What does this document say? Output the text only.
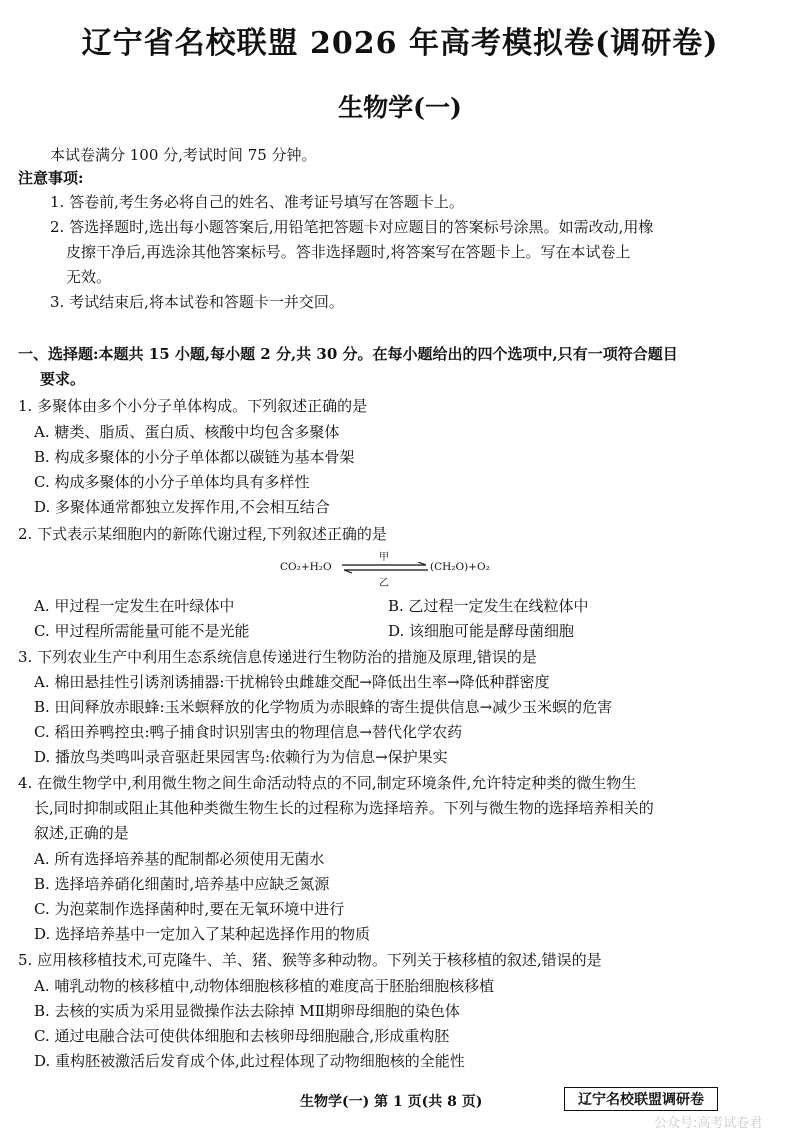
辽宁省名校联盟 2026 年高考模拟卷(调研卷)
生物学(一)
本试卷满分 100 分,考试时间 75 分钟。
注意事项:
1. 答卷前,考生务必将自己的姓名、准考证号填写在答题卡上。
2. 答选择题时,选出每小题答案后,用铅笔把答题卡对应题目的答案标号涂黑。如需改动,用橡
皮擦干净后,再选涂其他答案标号。答非选择题时,将答案写在答题卡上。写在本试卷上
无效。
3. 考试结束后,将本试卷和答题卡一并交回。
一、选择题:本题共 15 小题,每小题 2 分,共 30 分。在每小题给出的四个选项中,只有一项符合题目
要求。
1. 多聚体由多个小分子单体构成。下列叙述正确的是
A. 糖类、脂质、蛋白质、核酸中均包含多聚体
B. 构成多聚体的小分子单体都以碳链为基本骨架
C. 构成多聚体的小分子单体均具有多样性
D. 多聚体通常都独立发挥作用,不会相互结合
2. 下式表示某细胞内的新陈代谢过程,下列叙述正确的是
CO₂+H₂O
甲
乙
(CH₂O)+O₂
A. 甲过程一定发生在叶绿体中	B. 乙过程一定发生在线粒体中
C. 甲过程所需能量可能不是光能	D. 该细胞可能是酵母菌细胞
3. 下列农业生产中利用生态系统信息传递进行生物防治的措施及原理,错误的是
A. 棉田悬挂性引诱剂诱捕器:干扰棉铃虫雌雄交配→降低出生率→降低种群密度
B. 田间释放赤眼蜂:玉米螟释放的化学物质为赤眼蜂的寄生提供信息→减少玉米螟的危害
C. 稻田养鸭控虫:鸭子捕食时识别害虫的物理信息→替代化学农药
D. 播放鸟类鸣叫录音驱赶果园害鸟:依赖行为为信息→保护果实
4. 在微生物学中,利用微生物之间生命活动特点的不同,制定环境条件,允许特定种类的微生物生
长,同时抑制或阻止其他种类微生物生长的过程称为选择培养。下列与微生物的选择培养相关的
叙述,正确的是
A. 所有选择培养基的配制都必须使用无菌水
B. 选择培养硝化细菌时,培养基中应缺乏氮源
C. 为泡菜制作选择菌种时,要在无氧环境中进行
D. 选择培养基中一定加入了某种起选择作用的物质
5. 应用核移植技术,可克隆牛、羊、猪、猴等多种动物。下列关于核移植的叙述,错误的是
A. 哺乳动物的核移植中,动物体细胞核移植的难度高于胚胎细胞核移植
B. 去核的实质为采用显微操作法去除掉 MⅡ期卵母细胞的染色体
C. 通过电融合法可使供体细胞和去核卵母细胞融合,形成重构胚
D. 重构胚被激活后发育成个体,此过程体现了动物细胞核的全能性
生物学(一) 第 1 页(共 8 页)	辽宁名校联盟调研卷
公众号:高考试卷君
